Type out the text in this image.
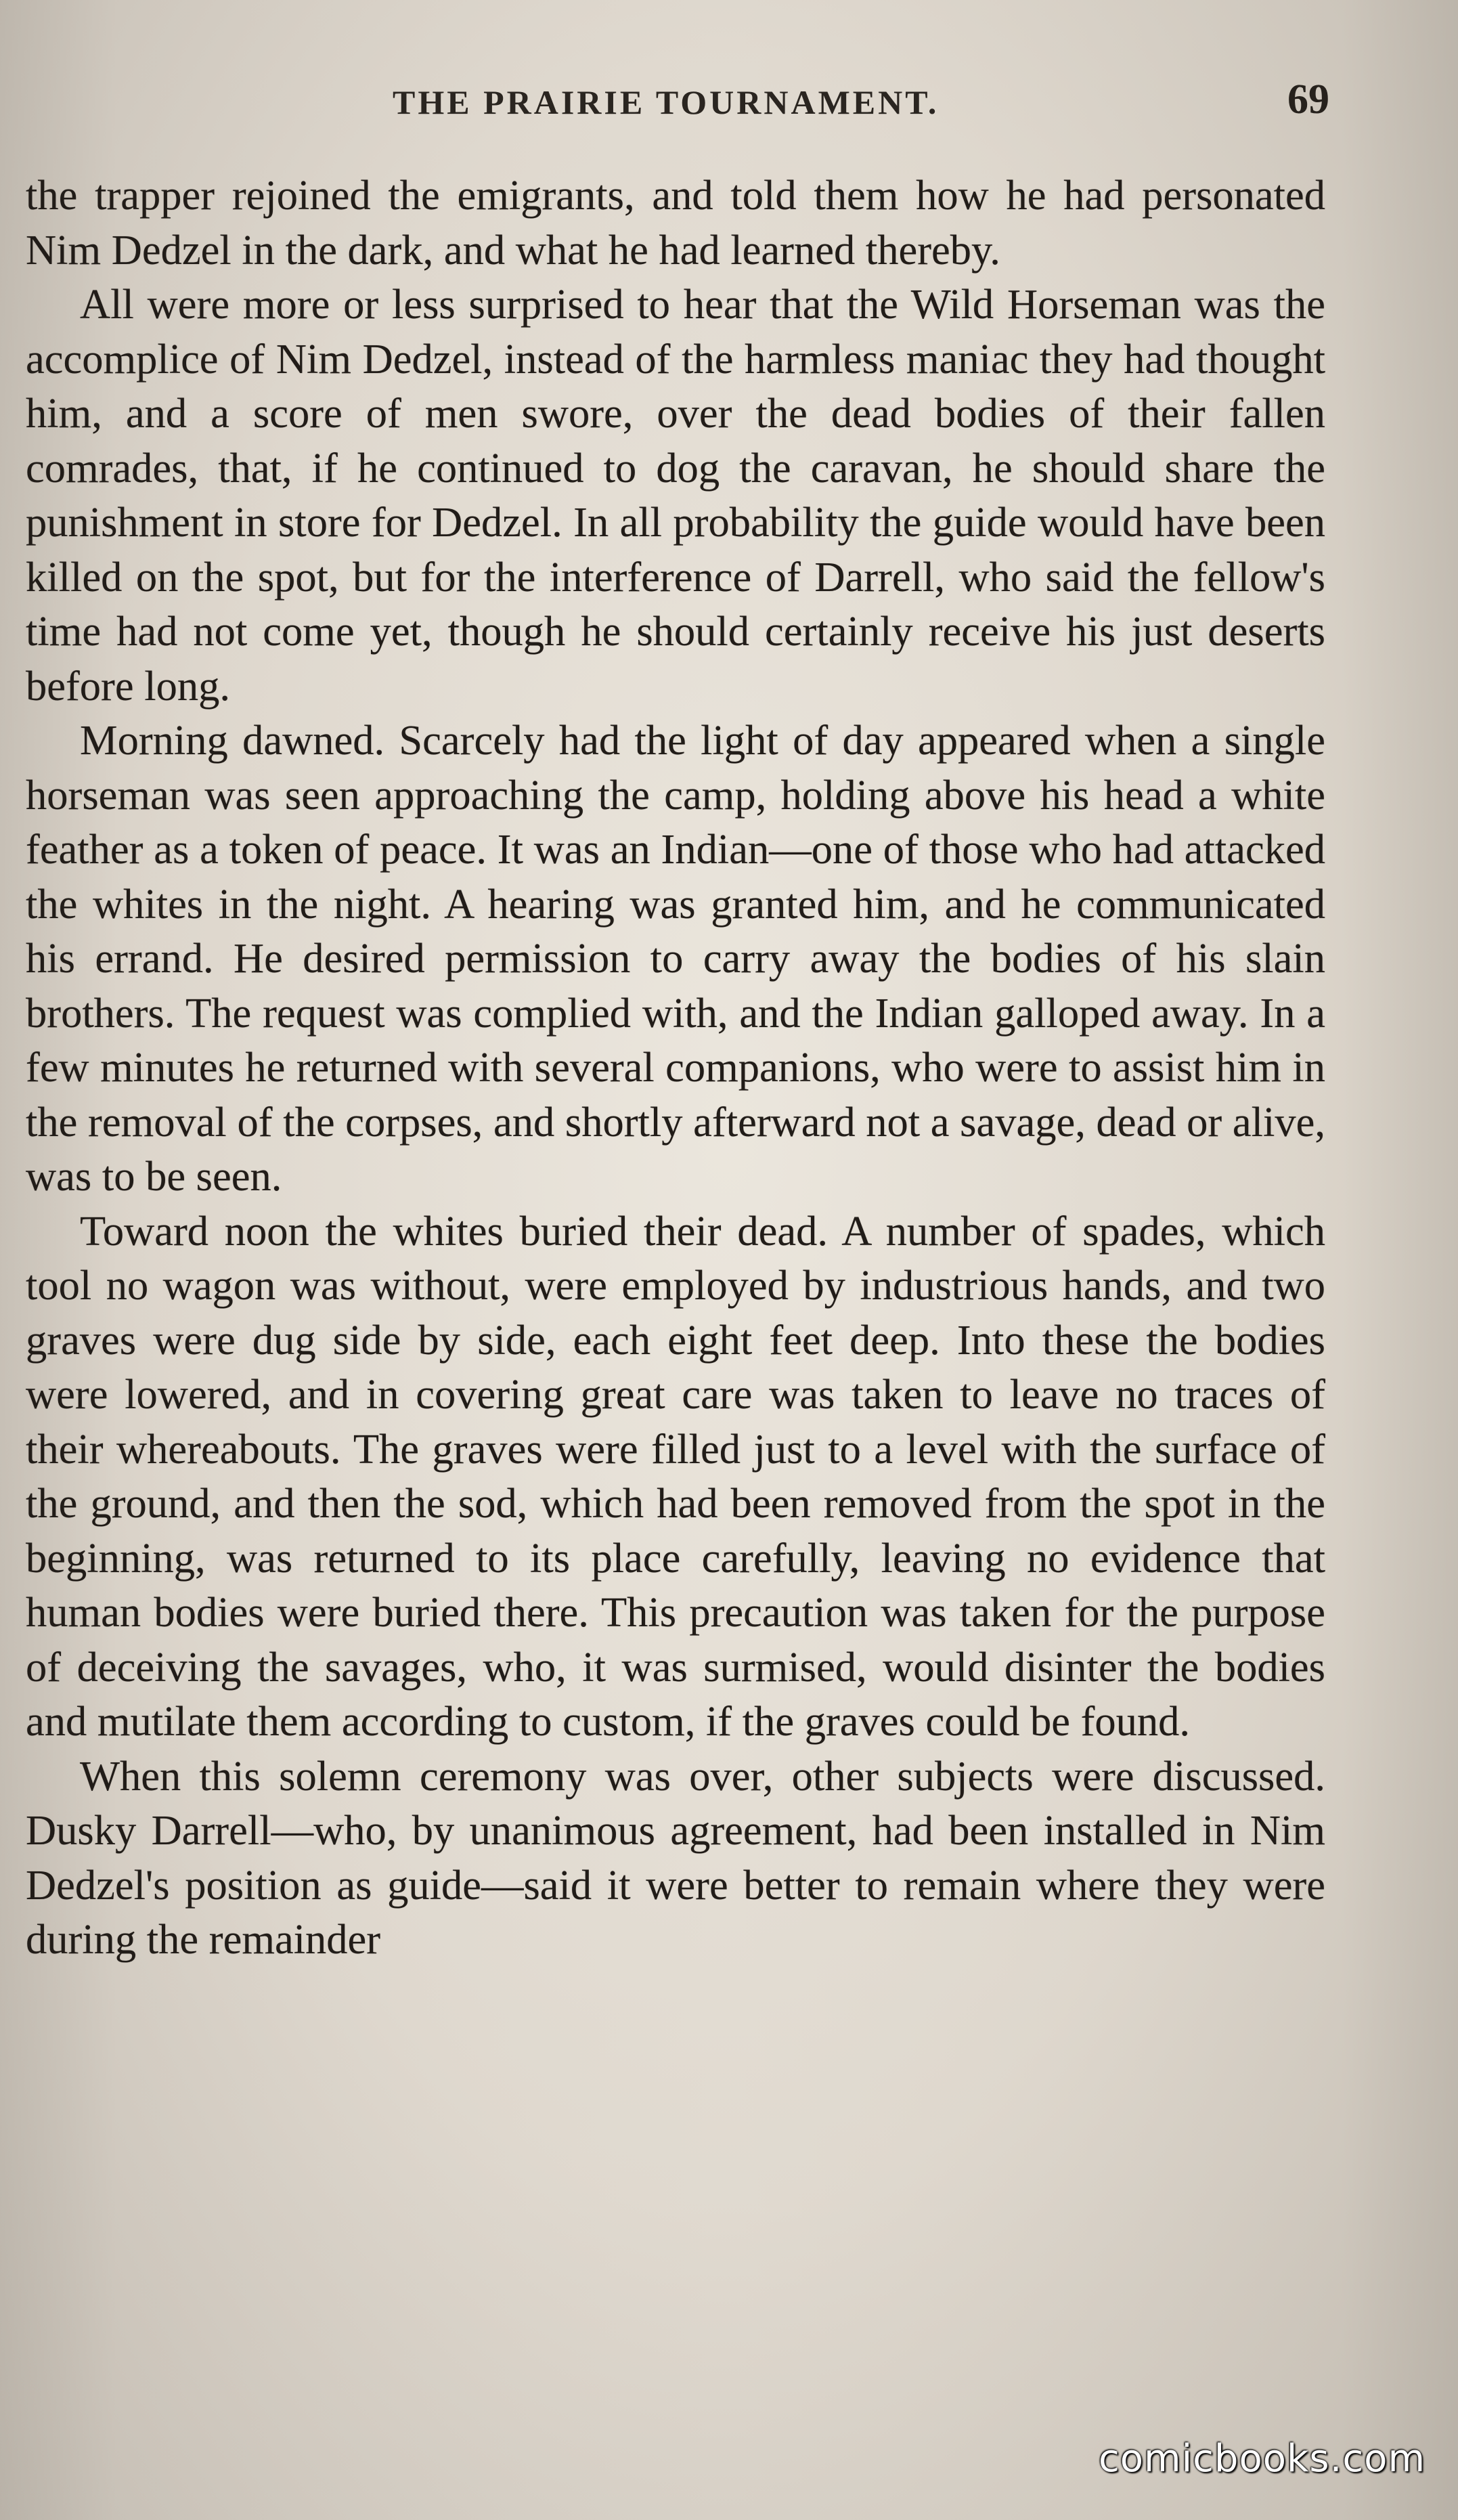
THE PRAIRIE TOURNAMENT.	69

the trapper rejoined the emigrants, and told them how he had personated Nim Dedzel in the dark, and what he had learned thereby.

All were more or less surprised to hear that the Wild Horseman was the accomplice of Nim Dedzel, instead of the harmless maniac they had thought him, and a score of men swore, over the dead bodies of their fallen comrades, that, if he continued to dog the caravan, he should share the punishment in store for Dedzel. In all probability the guide would have been killed on the spot, but for the interference of Darrell, who said the fellow's time had not come yet, though he should certainly receive his just deserts before long.

Morning dawned. Scarcely had the light of day appeared when a single horseman was seen approaching the camp, holding above his head a white feather as a token of peace. It was an Indian—one of those who had attacked the whites in the night. A hearing was granted him, and he communicated his errand. He desired permission to carry away the bodies of his slain brothers. The request was complied with, and the Indian galloped away. In a few minutes he returned with several companions, who were to assist him in the removal of the corpses, and shortly afterward not a savage, dead or alive, was to be seen.

Toward noon the whites buried their dead. A number of spades, which tool no wagon was without, were employed by industrious hands, and two graves were dug side by side, each eight feet deep. Into these the bodies were lowered, and in covering great care was taken to leave no traces of their whereabouts. The graves were filled just to a level with the surface of the ground, and then the sod, which had been removed from the spot in the beginning, was returned to its place carefully, leaving no evidence that human bodies were buried there. This precaution was taken for the purpose of deceiving the savages, who, it was surmised, would disinter the bodies and mutilate them according to custom, if the graves could be found.

When this solemn ceremony was over, other subjects were discussed. Dusky Darrell—who, by unanimous agreement, had been installed in Nim Dedzel's position as guide—said it were better to remain where they were during the remainder

comicbooks.com
